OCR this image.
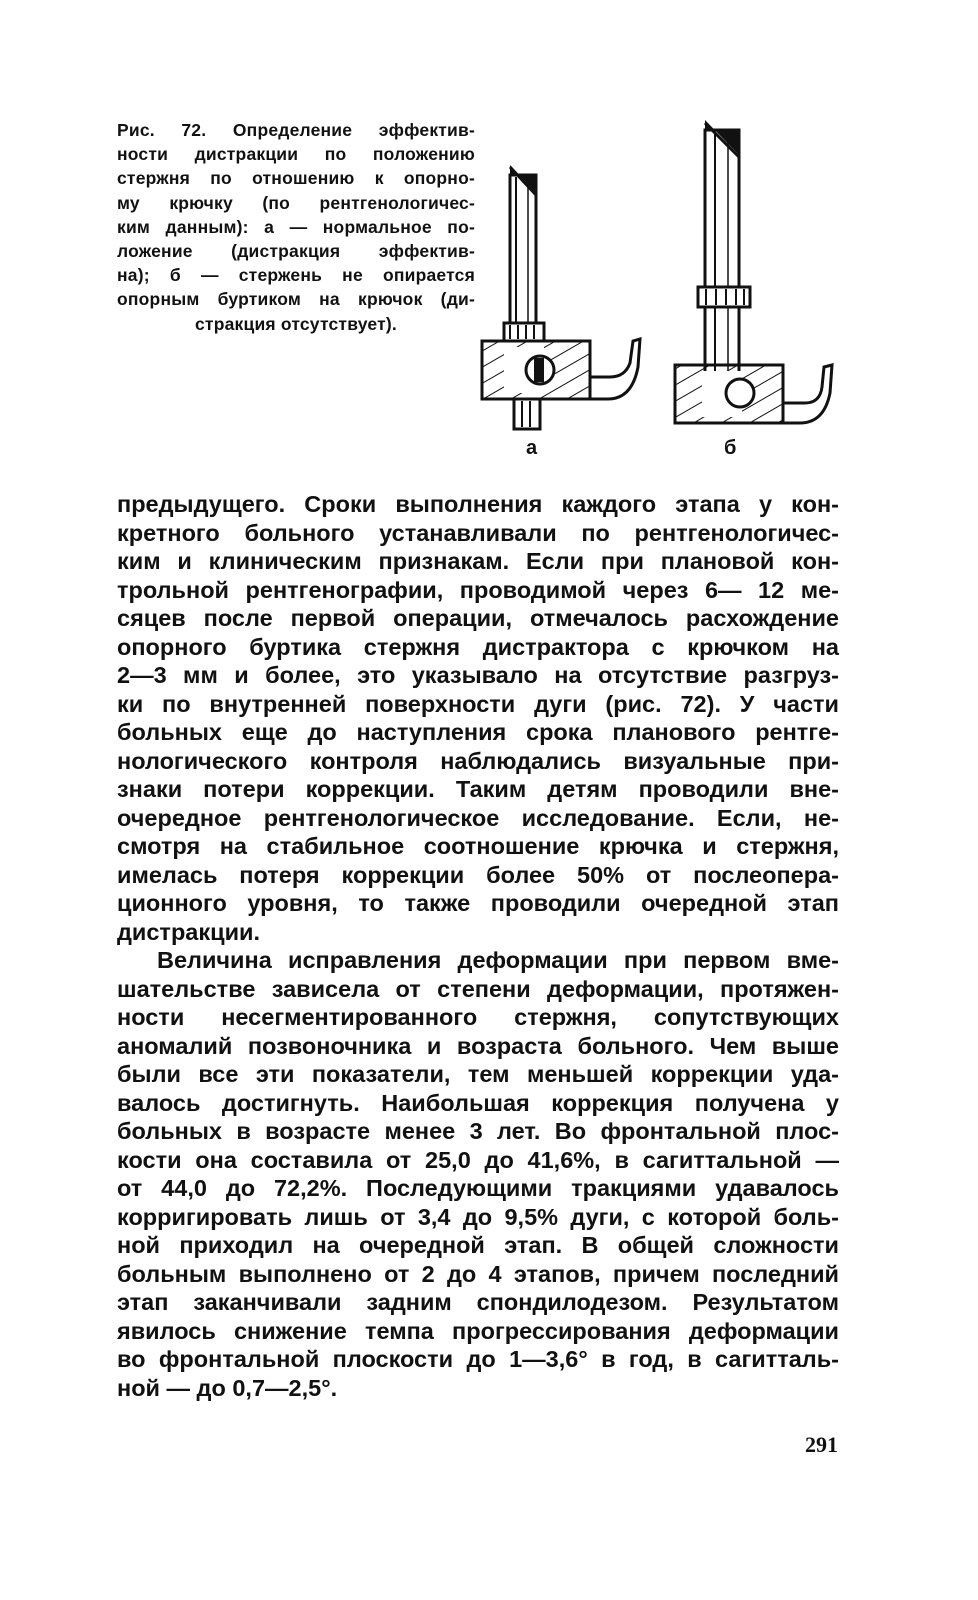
Рис. 72. Определение эффектив-
ности дистракции по положению
стержня по отношению к опорно-
му крючку (по рентгенологичес-
ким данным): а — нормальное по-
ложение (дистракция эффектив-
на); б — стержень не опирается
опорным буртиком на крючок (ди-
стракция отсутствует).
а	б
предыдущего. Сроки выполнения каждого этапа у кон-
кретного больного устанавливали по рентгенологичес-
ким и клиническим признакам. Если при плановой кон-
трольной рентгенографии, проводимой через 6— 12 ме-
сяцев после первой операции, отмечалось расхождение
опорного буртика стержня дистрактора с крючком на
2—3 мм и более, это указывало на отсутствие разгруз-
ки по внутренней поверхности дуги (рис. 72). У части
больных еще до наступления срока планового рентге-
нологического контроля наблюдались визуальные при-
знаки потери коррекции. Таким детям проводили вне-
очередное рентгенологическое исследование. Если, не-
смотря на стабильное соотношение крючка и стержня,
имелась потеря коррекции более 50% от послеопера-
ционного уровня, то также проводили очередной этап
дистракции.
Величина исправления деформации при первом вме-
шательстве зависела от степени деформации, протяжен-
ности несегментированного стержня, сопутствующих
аномалий позвоночника и возраста больного. Чем выше
были все эти показатели, тем меньшей коррекции уда-
валось достигнуть. Наибольшая коррекция получена у
больных в возрасте менее 3 лет. Во фронтальной плос-
кости она составила от 25,0 до 41,6%, в сагиттальной —
от 44,0 до 72,2%. Последующими тракциями удавалось
корригировать лишь от 3,4 до 9,5% дуги, с которой боль-
ной приходил на очередной этап. В общей сложности
больным выполнено от 2 до 4 этапов, причем последний
этап заканчивали задним спондилодезом. Результатом
явилось снижение темпа прогрессирования деформации
во фронтальной плоскости до 1—3,6° в год, в сагитталь-
ной — до 0,7—2,5°.
291
